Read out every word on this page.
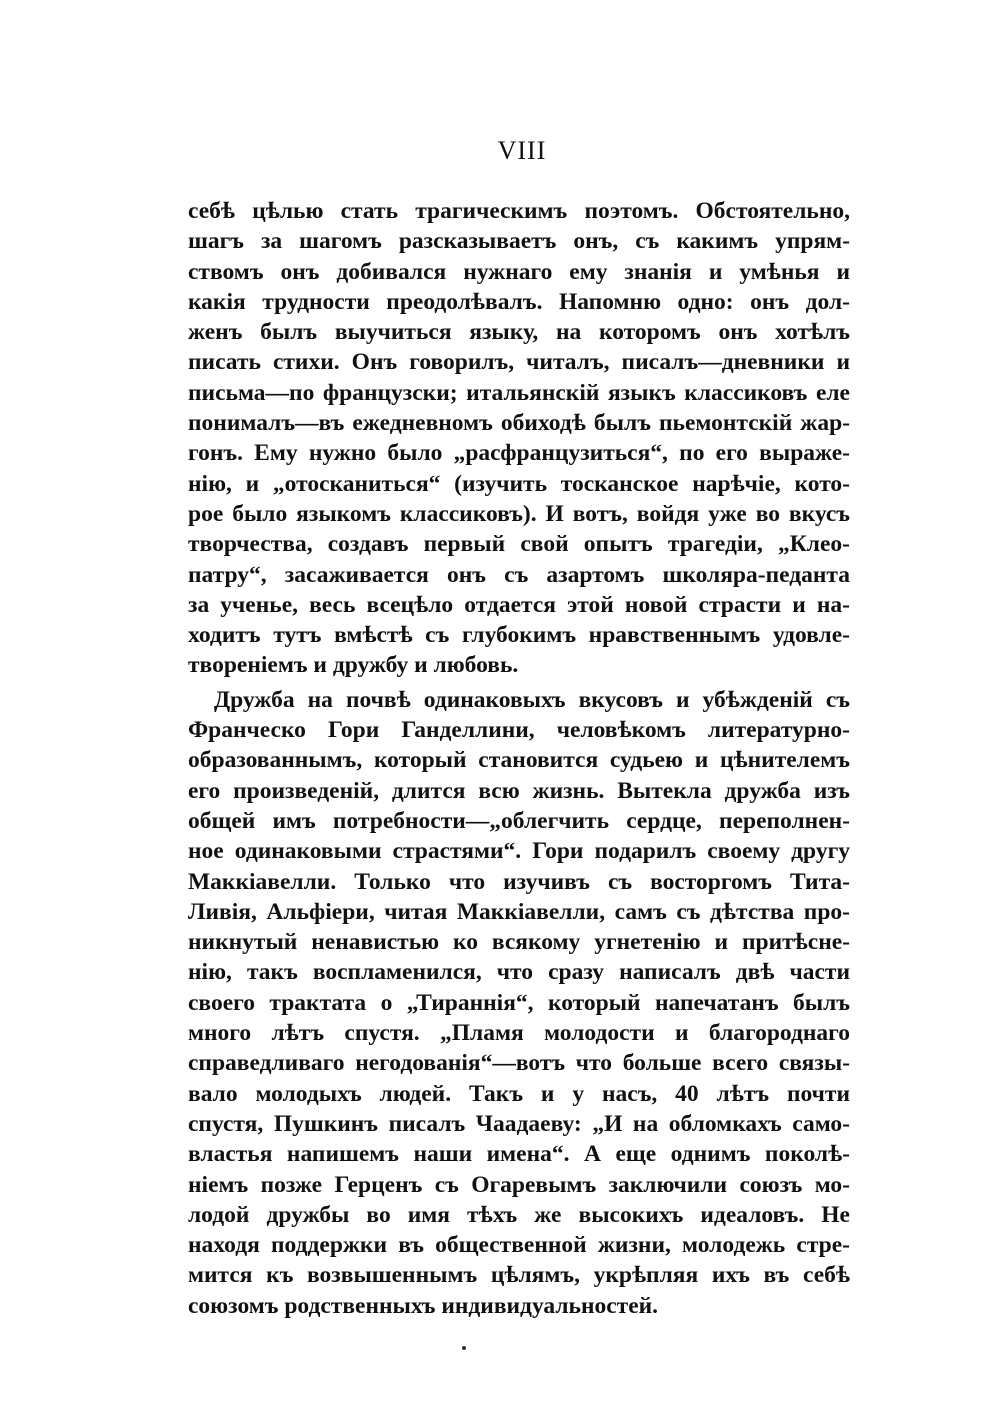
VIII
себѣ цѣлью стать трагическимъ поэтомъ. Обстоятельно,
шагъ за шагомъ разсказываетъ онъ, съ какимъ упрям-
ствомъ онъ добивался нужнаго ему знанія и умѣнья и
какія трудности преодолѣвалъ. Напомню одно: онъ дол-
женъ былъ выучиться языку, на которомъ онъ хотѣлъ
писать стихи. Онъ говорилъ, читалъ, писалъ—дневники и
письма—по французски; итальянскій языкъ классиковъ еле
понималъ—въ ежедневномъ обиходѣ былъ пьемонтскій жар-
гонъ. Ему нужно было „расфранцузиться“, по его выраже-
нію, и „отосканиться“ (изучить тосканское нарѣчіе, кото-
рое было языкомъ классиковъ). И вотъ, войдя уже во вкусъ
творчества, создавъ первый свой опытъ трагедіи, „Клео-
патру“, засаживается онъ съ азартомъ школяра-педанта
за ученье, весь всецѣло отдается этой новой страсти и на-
ходитъ тутъ вмѣстѣ съ глубокимъ нравственнымъ удовле-
твореніемъ и дружбу и любовь.
Дружба на почвѣ одинаковыхъ вкусовъ и убѣжденій съ
Франческо Гори Ганделлини, человѣкомъ литературно-
образованнымъ, который становится судьею и цѣнителемъ
его произведеній, длится всю жизнь. Вытекла дружба изъ
общей имъ потребности—„облегчить сердце, переполнен-
ное одинаковыми страстями“. Гори подарилъ своему другу
Маккіавелли. Только что изучивъ съ восторгомъ Тита-
Ливія, Альфіери, читая Маккіавелли, самъ съ дѣтства про-
никнутый ненавистью ко всякому угнетенію и притѣсне-
нію, такъ воспламенился, что сразу написалъ двѣ части
своего трактата о „Тираннія“, который напечатанъ былъ
много лѣтъ спустя. „Пламя молодости и благороднаго
справедливаго негодованія“—вотъ что больше всего связы-
вало молодыхъ людей. Такъ и у насъ, 40 лѣтъ почти
спустя, Пушкинъ писалъ Чаадаеву: „И на обломкахъ само-
властья напишемъ наши имена“. А еще однимъ поколѣ-
ніемъ позже Герценъ съ Огаревымъ заключили союзъ мо-
лодой дружбы во имя тѣхъ же высокихъ идеаловъ. Не
находя поддержки въ общественной жизни, молодежь стре-
мится къ возвышеннымъ цѣлямъ, укрѣпляя ихъ въ себѣ
союзомъ родственныхъ индивидуальностей.
